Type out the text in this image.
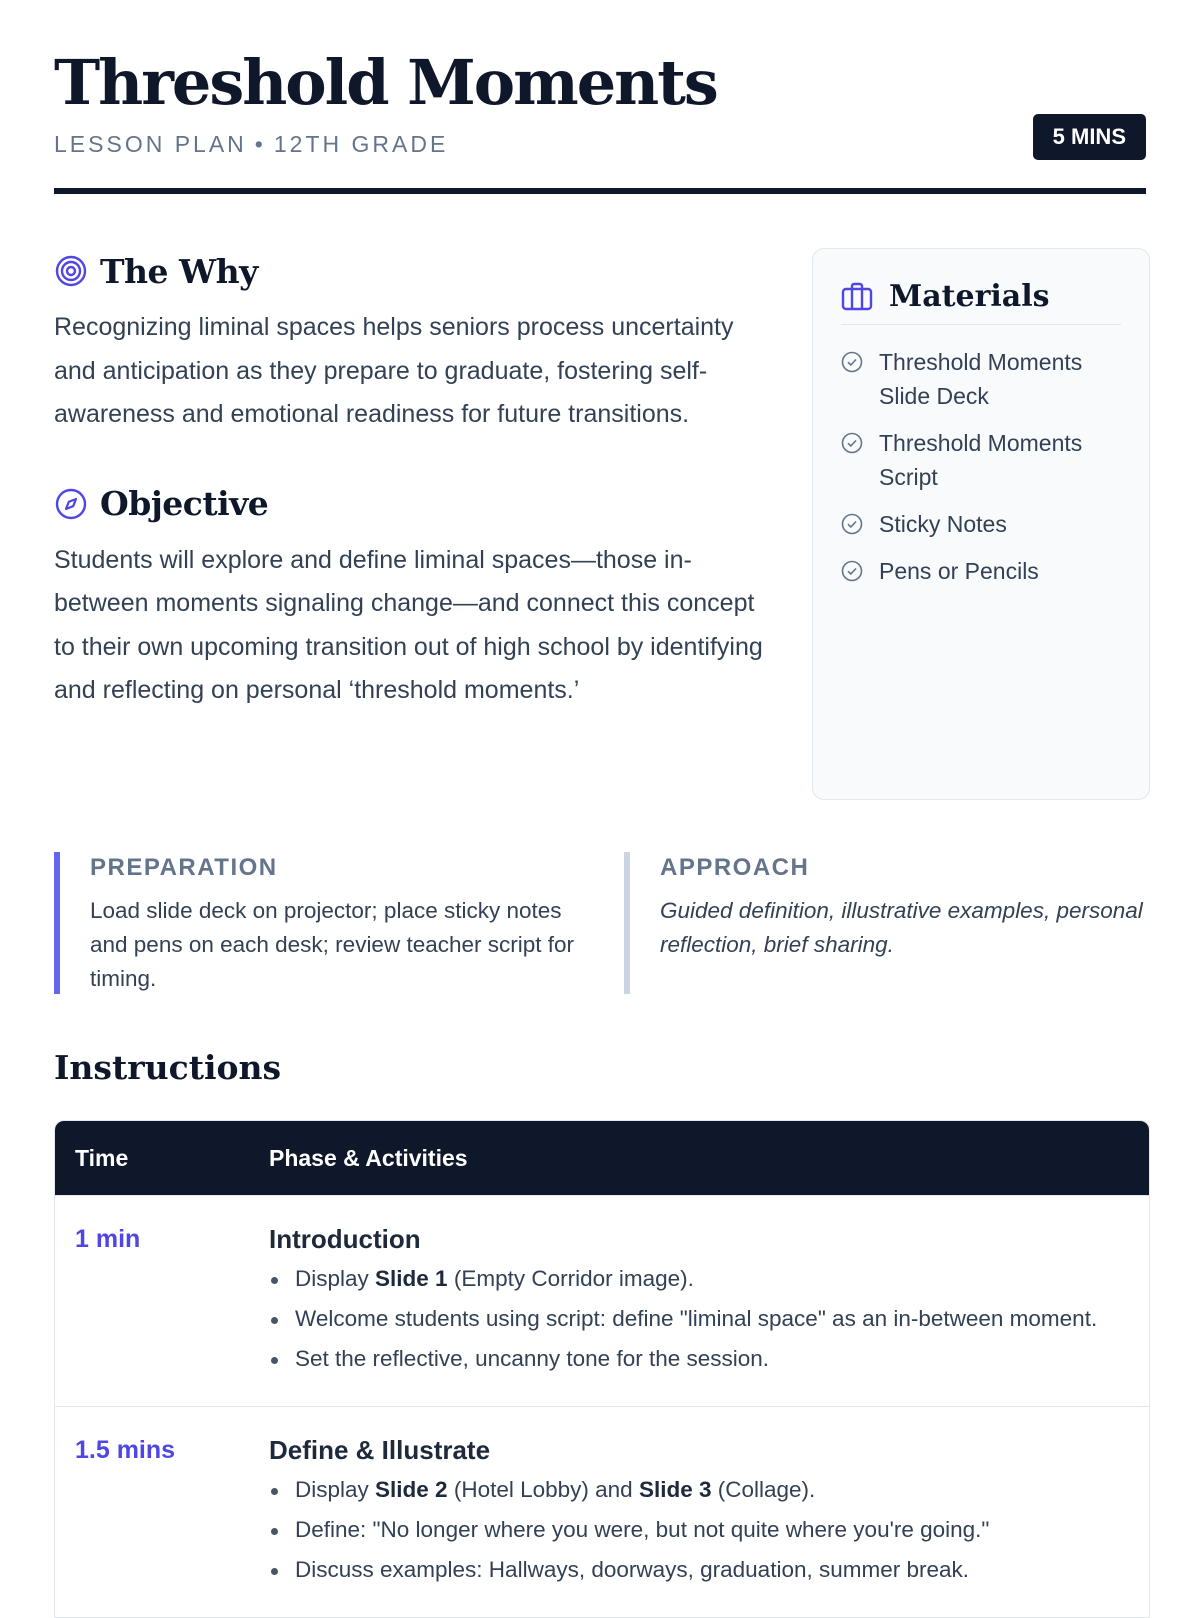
Threshold Moments
LESSON PLAN • 12TH GRADE	5 MINS
The Why

Recognizing liminal spaces helps seniors process uncertainty and anticipation as they prepare to graduate, fostering self-awareness and emotional readiness for future transitions.

Objective

Students will explore and define liminal spaces—those in-between moments signaling change—and connect this concept to their own upcoming transition out of high school by identifying and reflecting on personal ‘threshold moments.’

Materials
Threshold Moments Slide Deck
Threshold Moments Script
Sticky Notes
Pens or Pencils
PREPARATION

Load slide deck on projector; place sticky notes and pens on each desk; review teacher script for timing.

APPROACH

Guided definition, illustrative examples, personal reflection, brief sharing.

Instructions
Time	Phase & Activities
1 min	Introduction
Display Slide 1 (Empty Corridor image).
Welcome students using script: define "liminal space" as an in-between moment.
Set the reflective, uncanny tone for the session.
1.5 mins	Define & Illustrate
Display Slide 2 (Hotel Lobby) and Slide 3 (Collage).
Define: "No longer where you were, but not quite where you're going."
Discuss examples: Hallways, doorways, graduation, summer break.
